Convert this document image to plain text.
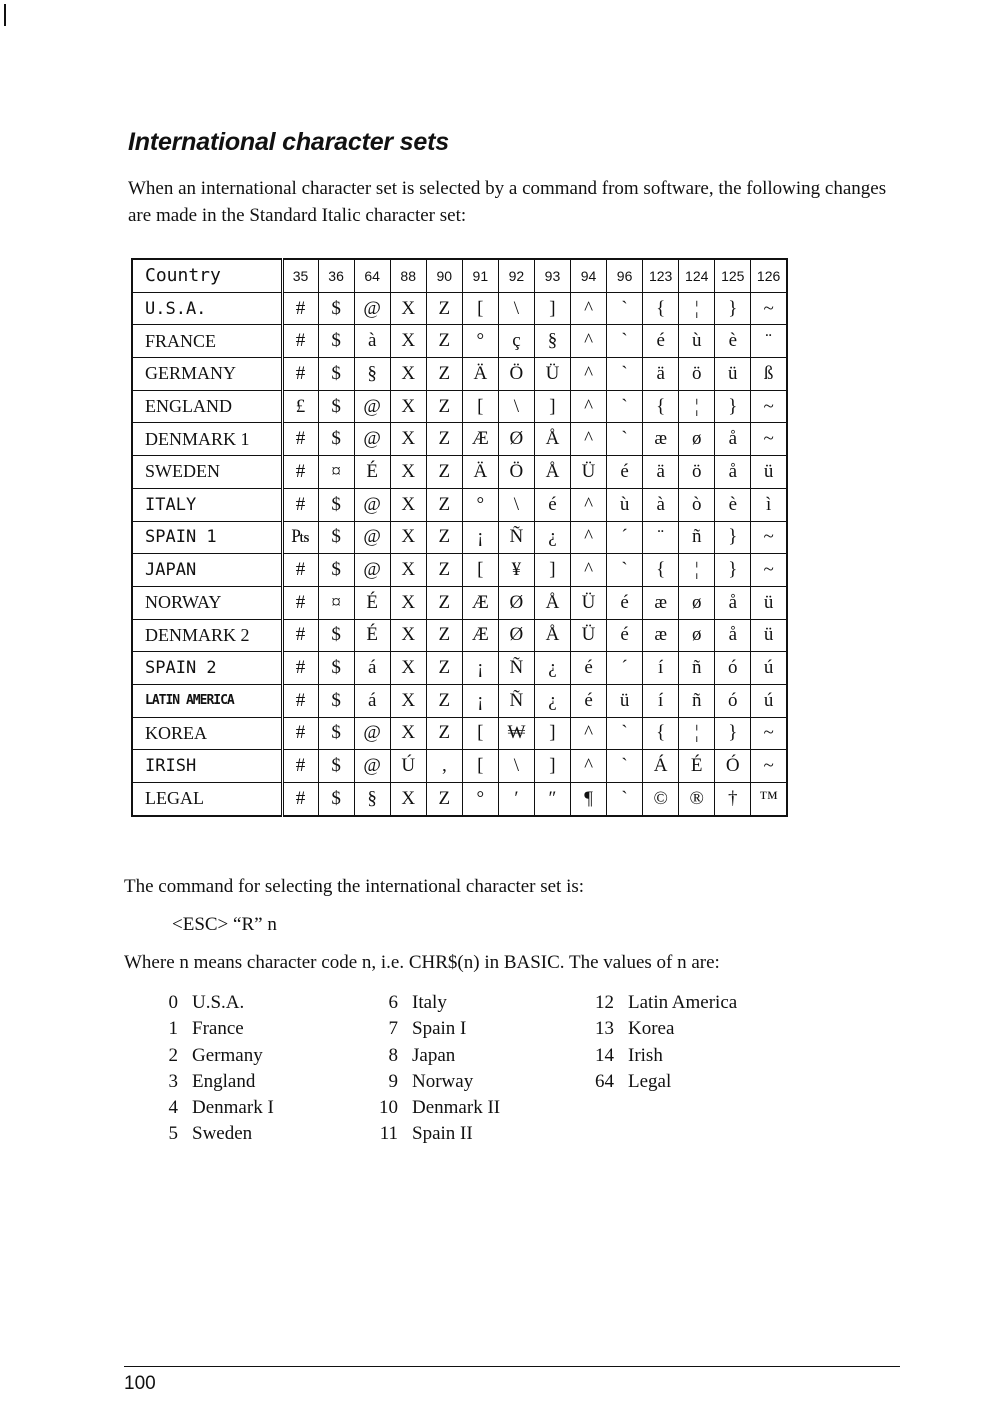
International character sets

When an international character set is selected by a command from software, the following changes are made in the Standard Italic character set:

Country	35	36	64	88	90	91	92	93	94	96	123	124	125	126
U.S.A.	#	$	@	X	Z	[	\	]	^	`	{	¦	}	~
FRANCE	#	$	à	X	Z	°	ç	§	^	`	é	ù	è	¨
GERMANY	#	$	§	X	Z	Ä	Ö	Ü	^	`	ä	ö	ü	ß
ENGLAND	£	$	@	X	Z	[	\	]	^	`	{	¦	}	~
DENMARK 1	#	$	@	X	Z	Æ	Ø	Å	^	`	æ	ø	å	~
SWEDEN	#	¤	É	X	Z	Ä	Ö	Å	Ü	é	ä	ö	å	ü
ITALY	#	$	@	X	Z	°	\	é	^	ù	à	ò	è	ì
SPAIN 1	₧	$	@	X	Z	¡	Ñ	¿	^	´	¨	ñ	}	~
JAPAN	#	$	@	X	Z	[	¥	]	^	`	{	¦	}	~
NORWAY	#	¤	É	X	Z	Æ	Ø	Å	Ü	é	æ	ø	å	ü
DENMARK 2	#	$	É	X	Z	Æ	Ø	Å	Ü	é	æ	ø	å	ü
SPAIN 2	#	$	á	X	Z	¡	Ñ	¿	é	´	í	ñ	ó	ú
LATIN AMERICA	#	$	á	X	Z	¡	Ñ	¿	é	ü	í	ñ	ó	ú
KOREA	#	$	@	X	Z	[	₩	]	^	`	{	¦	}	~
IRISH	#	$	@	Ú	‚	[	\	]	^	`	Á	É	Ó	~
LEGAL	#	$	§	X	Z	°	′	″	¶	`	©	®	†	™

The command for selecting the international character set is:

<ESC> “R” n

Where n means character code n, i.e. CHR$(n) in BASIC. The values of n are:

0 U.S.A.
1 France
2 Germany
3 England
4 Denmark I
5 Sweden
6 Italy
7 Spain I
8 Japan
9 Norway
10 Denmark II
11 Spain II
12 Latin America
13 Korea
14 Irish
64 Legal
100
